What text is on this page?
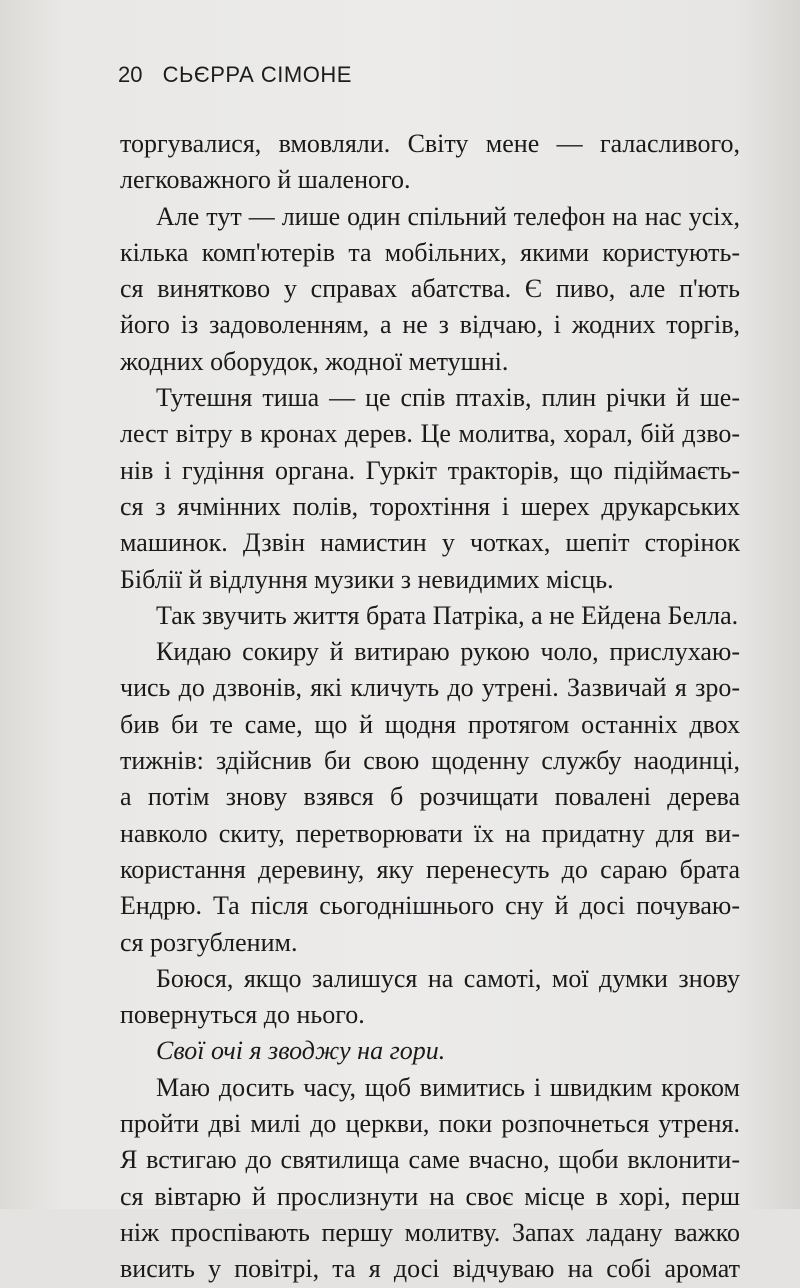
20 СЬЄРРА СІМОНЕ
торгувалися, вмовляли. Світу мене — галасливого,
легковажного й шаленого.
Але тут — лише один спільний телефон на нас усіх,
кілька комп'ютерів та мобільних, якими користують-
ся винятково у справах абатства. Є пиво, але п'ють
його із задоволенням, а не з відчаю, і жодних торгів,
жодних оборудок, жодної метушні.
Тутешня тиша — це спів птахів, плин річки й ше-
лест вітру в кронах дерев. Це молитва, хорал, бій дзво-
нів і гудіння органа. Гуркіт тракторів, що підіймаєть-
ся з ячмінних полів, торохтіння і шерех друкарських
машинок. Дзвін намистин у чотках, шепіт сторінок
Біблії й відлуння музики з невидимих місць.
Так звучить життя брата Патріка, а не Ейдена Белла.
Кидаю сокиру й витираю рукою чоло, прислухаю-
чись до дзвонів, які кличуть до утрені. Зазвичай я зро-
бив би те саме, що й щодня протягом останніх двох
тижнів: здійснив би свою щоденну службу наодинці,
а потім знову взявся б розчищати повалені дерева
навколо скиту, перетворювати їх на придатну для ви-
користання деревину, яку перенесуть до сараю брата
Ендрю. Та після сьогоднішнього сну й досі почуваю-
ся розгубленим.
Боюся, якщо залишуся на самоті, мої думки знову
повернуться до нього.
Свої очі я зводжу на гори.
Маю досить часу, щоб вимитись і швидким кроком
пройти дві милі до церкви, поки розпочнеться утреня.
Я встигаю до святилища саме вчасно, щоби вклонити-
ся вівтарю й прослизнути на своє місце в хорі, перш
ніж проспівають першу молитву. Запах ладану важко
висить у повітрі, та я досі відчуваю на собі аромат
